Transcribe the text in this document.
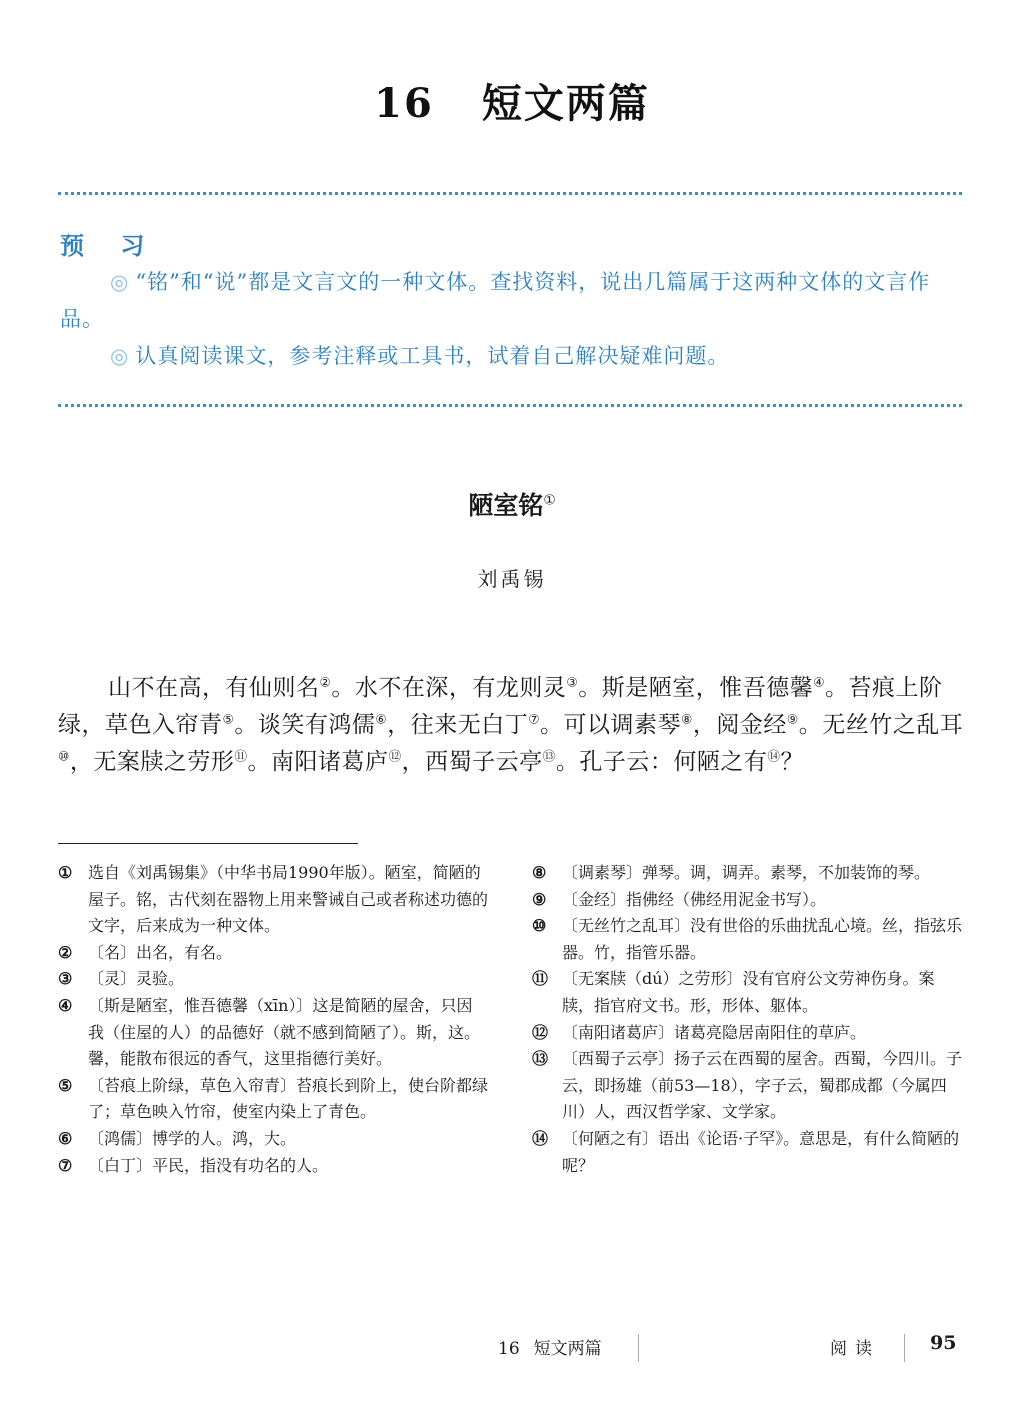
16 短文两篇
预 习

◎ “铭”和“说”都是文言文的一种文体。查找资料，说出几篇属于这两种文体的文言作品。

◎ 认真阅读课文，参考注释或工具书，试着自己解决疑难问题。

陋室铭①
刘禹锡
山不在高，有仙则名②。水不在深，有龙则灵③。斯是陋室，惟吾德馨④。苔痕上阶绿，草色入帘青⑤。谈笑有鸿儒⑥，往来无白丁⑦。可以调素琴⑧，阅金经⑨。无丝竹之乱耳⑩，无案牍之劳形⑪。南阳诸葛庐⑫，西蜀子云亭⑬。孔子云：何陋之有⑭？
① 选自《刘禹锡集》（中华书局1990年版）。陋室，简陋的屋子。铭，古代刻在器物上用来警诫自己或者称述功德的文字，后来成为一种文体。
② 〔名〕出名，有名。
③ 〔灵〕灵验。
④ 〔斯是陋室，惟吾德馨（xīn）〕这是简陋的屋舍，只因我（住屋的人）的品德好（就不感到简陋了）。斯，这。馨，能散布很远的香气，这里指德行美好。
⑤ 〔苔痕上阶绿，草色入帘青〕苔痕长到阶上，使台阶都绿了；草色映入竹帘，使室内染上了青色。
⑥ 〔鸿儒〕博学的人。鸿，大。
⑦ 〔白丁〕平民，指没有功名的人。
⑧ 〔调素琴〕弹琴。调，调弄。素琴，不加装饰的琴。
⑨ 〔金经〕指佛经（佛经用泥金书写）。
⑩ 〔无丝竹之乱耳〕没有世俗的乐曲扰乱心境。丝，指弦乐器。竹，指管乐器。
⑪ 〔无案牍（dú）之劳形〕没有官府公文劳神伤身。案牍，指官府文书。形，形体、躯体。
⑫ 〔南阳诸葛庐〕诸葛亮隐居南阳住的草庐。
⑬ 〔西蜀子云亭〕扬子云在西蜀的屋舍。西蜀，今四川。子云，即扬雄（前53—18），字子云，蜀郡成都（今属四川）人，西汉哲学家、文学家。
⑭ 〔何陋之有〕语出《论语·子罕》。意思是，有什么简陋的呢？
16 短文两篇	阅读	95
